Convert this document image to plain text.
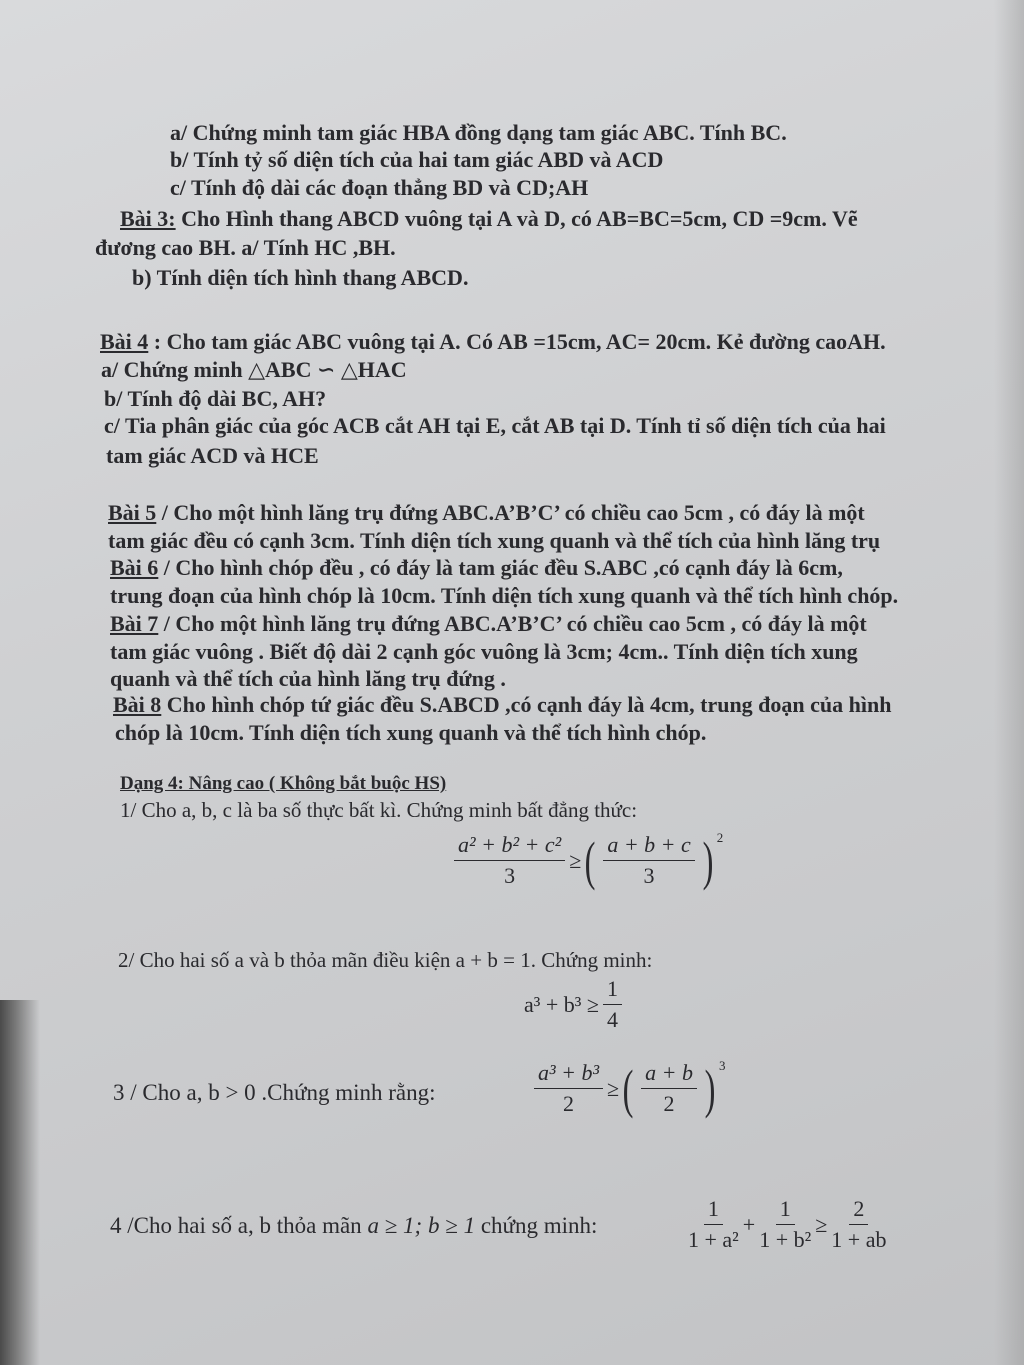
a/ Chứng minh tam giác HBA đồng dạng tam giác ABC. Tính BC.
b/ Tính tỷ số diện tích của hai tam giác ABD và ACD
c/ Tính độ dài các đoạn thẳng BD và CD;AH
Bài 3: Cho Hình thang ABCD vuông tại A và D, có AB=BC=5cm, CD =9cm. Vẽ
đương cao BH. a/ Tính HC ,BH.
b) Tính diện tích hình thang ABCD.
Bài 4 : Cho tam giác ABC vuông tại A. Có AB =15cm, AC= 20cm. Kẻ đường caoAH.
a/ Chứng minh △ABC ∽ △HAC
b/ Tính độ dài BC, AH?
c/ Tia phân giác của góc ACB cắt AH tại E, cắt AB tại D. Tính tỉ số diện tích của hai
tam giác ACD và HCE
Bài 5 / Cho một hình lăng trụ đứng ABC.A’B’C’ có chiều cao 5cm , có đáy là một
tam giác đều có cạnh 3cm. Tính diện tích xung quanh và thể tích của hình lăng trụ
Bài 6 / Cho hình chóp đều , có đáy là tam giác đều S.ABC ,có cạnh đáy là 6cm,
trung đoạn của hình chóp là 10cm. Tính diện tích xung quanh và thể tích hình chóp.
Bài 7 / Cho một hình lăng trụ đứng ABC.A’B’C’ có chiều cao 5cm , có đáy là một
tam giác vuông . Biết độ dài 2 cạnh góc vuông là 3cm; 4cm.. Tính diện tích xung
quanh và thể tích của hình lăng trụ đứng .
Bài 8 Cho hình chóp tứ giác đều S.ABCD ,có cạnh đáy là 4cm, trung đoạn của hình
chóp là 10cm. Tính diện tích xung quanh và thể tích hình chóp.
Dạng 4: Nâng cao ( Không bắt buộc HS)
1/ Cho a, b, c là ba số thực bất kì. Chứng minh bất đẳng thức:
$\frac{\text{a² + b² + c²}}{3}$ ≥ ( $\frac{a + b + c}{3}$ ) 2
2/ Cho hai số a và b thỏa mãn điều kiện a + b = 1. Chứng minh:
$a^3 + b^3 \ge \frac{1}{4}$
3 / Cho a, b > 0 .Chứng minh rằng:	$\frac{\text{a³ + b³}}{2}$ ≥ ( $\frac{a + b}{2}$ ) 3
4 /Cho hai số a, b thỏa mãn a ≥ 1; b ≥ 1 chứng minh:	$\frac{1}{\text{1 + a²}} + \frac{1}{\text{1 + b²}} \ge \frac{2}{1 + ab}$
